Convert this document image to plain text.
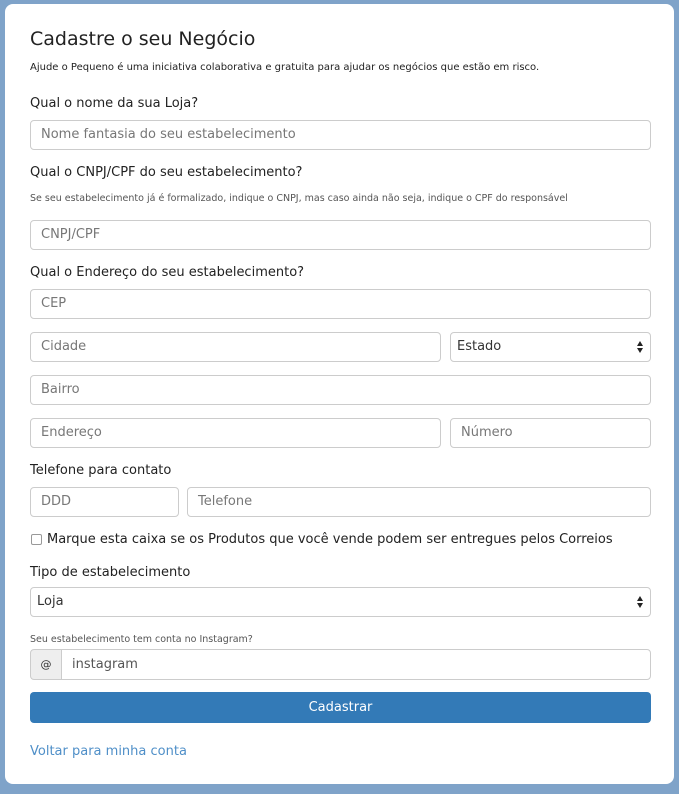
Cadastre o seu Negócio
Ajude o Pequeno é uma iniciativa colaborativa e gratuita para ajudar os negócios que estão em risco.
Qual o nome da sua Loja?
Nome fantasia do seu estabelecimento
Qual o CNPJ/CPF do seu estabelecimento?
Se seu estabelecimento já é formalizado, indique o CNPJ, mas caso ainda não seja, indique o CPF do responsável
CNPJ/CPF
Qual o Endereço do seu estabelecimento?
CEP
Cidade	Estado
Bairro
Endereço	Número
Telefone para contato
DDD	Telefone
Marque esta caixa se os Produtos que você vende podem ser entregues pelos Correios
Tipo de estabelecimento
Loja
Seu estabelecimento tem conta no Instagram?
@	instagram
Cadastrar
Voltar para minha conta
